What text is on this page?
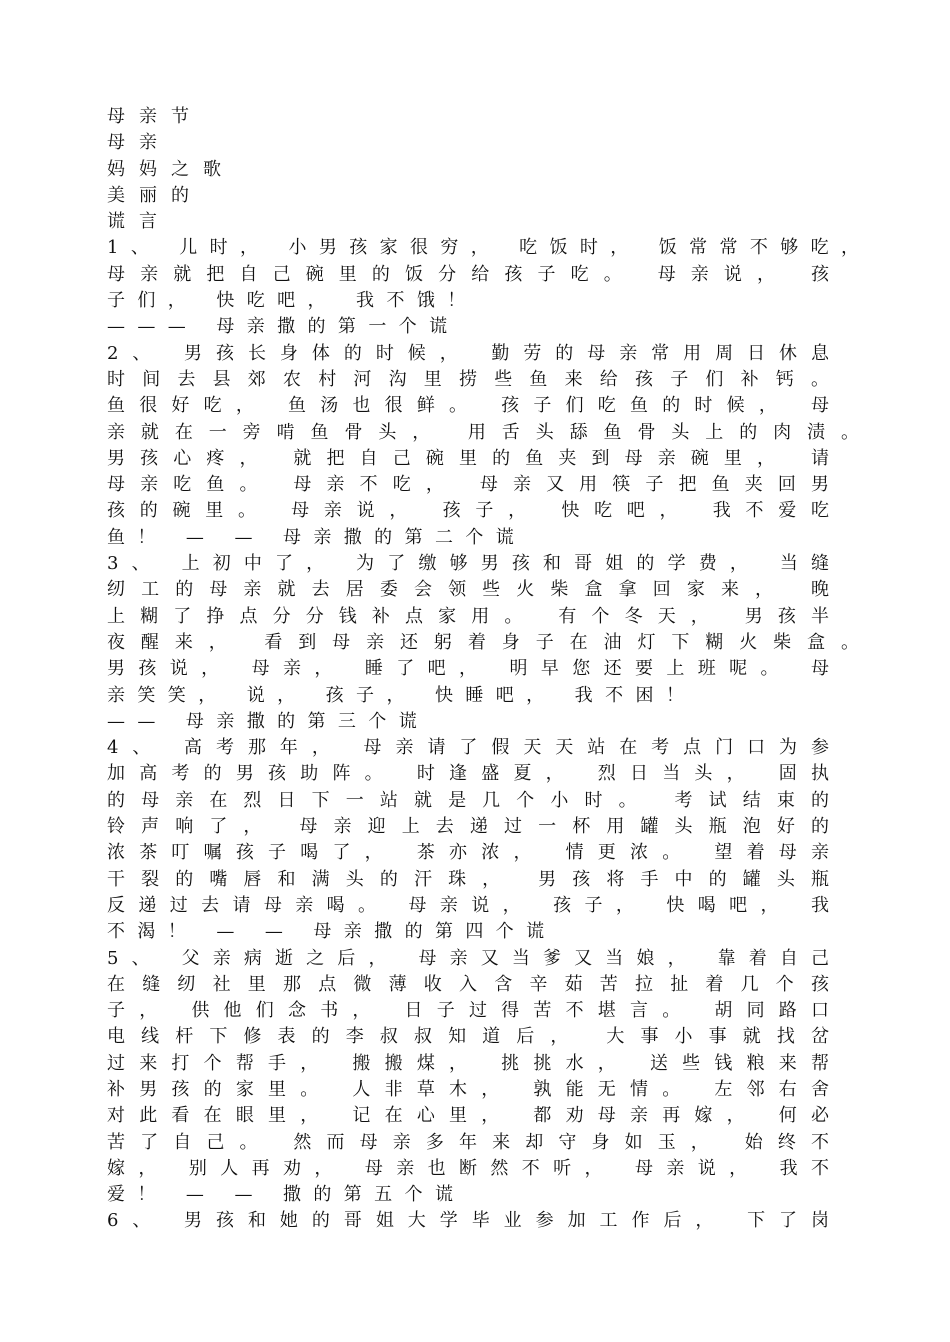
母亲节
母亲
妈妈之歌
美丽的
谎言
1、 儿时， 小男孩家很穷， 吃饭时， 饭常常不够吃，
母亲就把自己碗里的饭分给孩子吃。 母亲说， 孩
子们， 快吃吧， 我不饿！
——— 母亲撒的第一个谎
2、 男孩长身体的时候， 勤劳的母亲常用周日休息
时间去县郊农村河沟里捞些鱼来给孩子们补钙。
鱼很好吃， 鱼汤也很鲜。 孩子们吃鱼的时候， 母
亲就在一旁啃鱼骨头， 用舌头舔鱼骨头上的肉渍。
男孩心疼， 就把自己碗里的鱼夹到母亲碗里， 请
母亲吃鱼。 母亲不吃， 母亲又用筷子把鱼夹回男
孩的碗里。 母亲说， 孩子， 快吃吧， 我不爱吃
鱼！ — — 母亲撒的第二个谎
3、 上初中了， 为了缴够男孩和哥姐的学费， 当缝
纫工的母亲就去居委会领些火柴盒拿回家来， 晚
上糊了挣点分分钱补点家用。 有个冬天， 男孩半
夜醒来， 看到母亲还躬着身子在油灯下糊火柴盒。
男孩说， 母亲， 睡了吧， 明早您还要上班呢。 母
亲笑笑， 说， 孩子， 快睡吧， 我不困！
—— 母亲撒的第三个谎
4、 高考那年， 母亲请了假天天站在考点门口为参
加高考的男孩助阵。 时逢盛夏， 烈日当头， 固执
的母亲在烈日下一站就是几个小时。 考试结束的
铃声响了， 母亲迎上去递过一杯用罐头瓶泡好的
浓茶叮嘱孩子喝了， 茶亦浓， 情更浓。 望着母亲
干裂的嘴唇和满头的汗珠， 男孩将手中的罐头瓶
反递过去请母亲喝。 母亲说， 孩子， 快喝吧， 我
不渴！ — — 母亲撒的第四个谎
5、 父亲病逝之后， 母亲又当爹又当娘， 靠着自己
在缝纫社里那点微薄收入含辛茹苦拉扯着几个孩
子， 供他们念书， 日子过得苦不堪言。 胡同路口
电线杆下修表的李叔叔知道后， 大事小事就找岔
过来打个帮手， 搬搬煤， 挑挑水， 送些钱粮来帮
补男孩的家里。 人非草木， 孰能无情。 左邻右舍
对此看在眼里， 记在心里， 都劝母亲再嫁， 何必
苦了自己。 然而母亲多年来却守身如玉， 始终不
嫁， 别人再劝， 母亲也断然不听， 母亲说， 我不
爱！ — — 撒的第五个谎
6、 男孩和她的哥姐大学毕业参加工作后， 下了岗
